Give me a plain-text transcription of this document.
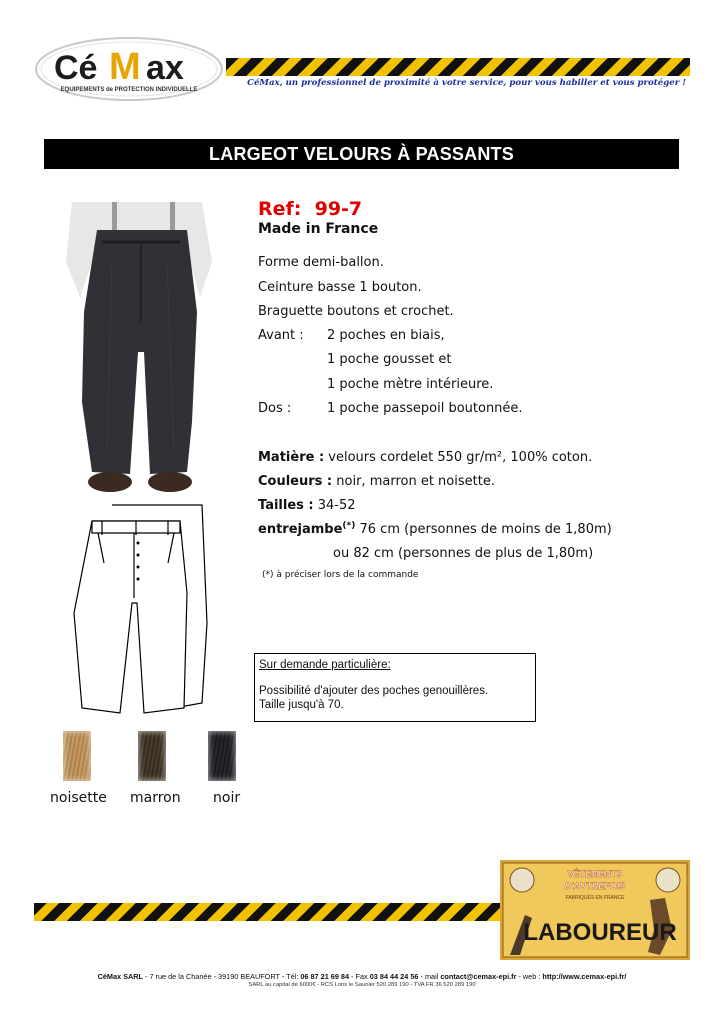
Cé M ax
EQUIPEMENTS de PROTECTION INDIVIDUELLE
CéMax, un professionnel de proximité à votre service, pour vous habiller et vous protéger !
LARGEOT VELOURS À PASSANTS
Ref:  99-7
Made in France
Forme demi-ballon.
Ceinture basse 1 bouton.
Braguette boutons et crochet.
Avant : 2 poches en biais,
1 poche gousset et
1 poche mètre intérieure.
Dos :	1 poche passepoil boutonnée.
Matière : velours cordelet 550 gr/m², 100% coton.
Couleurs : noir, marron et noisette.
Tailles : 34-52
entrejambe(*) 76 cm (personnes de moins de 1,80m)
ou 82 cm (personnes de plus de 1,80m)
(*) à préciser lors de la commande
Sur demande particulière:
Possibilité d'ajouter des poches genouillères.
Taille jusqu'à 70.
noisette marron noir
VÊTEMENTS
D'AUTREFOIS
FABRIQUÉS EN FRANCE
LABOUREUR
CéMax SARL - 7 rue de la Chanée - 39190 BEAUFORT - Tél: 06 87 21 69 84 - Fax 03 84 44 24 56 - mail contact@cemax-epi.fr - web : http://www.cemax-epi.fr/
SARL au capital de 6000€ - RCS Lons le Saunier 520 289 190 - TVA FR 36 520 289 190
